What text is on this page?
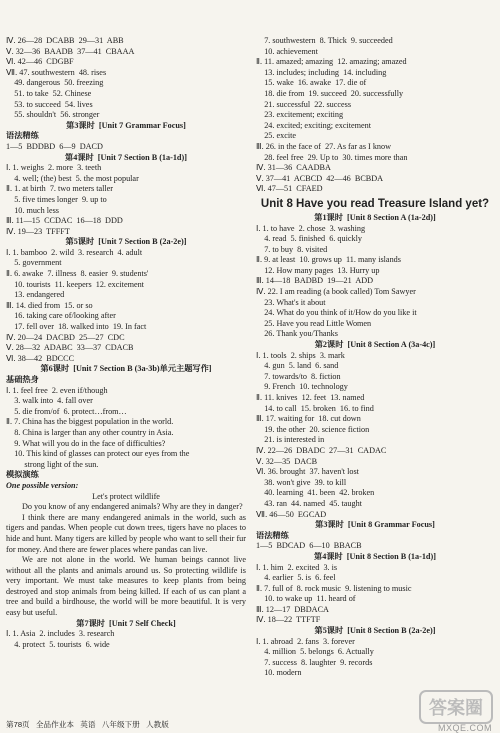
Ⅳ. 26—28  DCABB  29—31  ABB
Ⅴ. 32—36  BAADB  37—41  CBAAA
Ⅵ. 42—46  CDGBF
Ⅶ. 47. southwestern  48. rises
49. dangerous  50. freezing
51. to take  52. Chinese
53. to succeed  54. lives
55. shouldn't  56. stronger
第3课时  [Unit 7 Grammar Focus]
语法精练
1—5  BDDBD  6—9  DACD
第4课时  [Unit 7 Section B (1a-1d)]
Ⅰ. 1. weighs  2. more  3. teeth
4. well; (the) best  5. the most popular
Ⅱ. 1. at birth  7. two meters taller
5. five times longer  9. up to
10. much less
Ⅲ. 11—15  CCDAC  16—18  DDD
Ⅳ. 19—23  TFFFT
第5课时  [Unit 7 Section B (2a-2e)]
Ⅰ. 1. bamboo  2. wild  3. research  4. adult
5. government
Ⅱ. 6. awake  7. illness  8. easier  9. students'
10. tourists  11. keepers  12. excitement
13. endangered
Ⅲ. 14. died from  15. or so
16. taking care of/looking after
17. fell over  18. walked into  19. In fact
Ⅳ. 20—24  DACBD  25—27  CDC
Ⅴ. 28—32  ADABC  33—37  CDACB
Ⅵ. 38—42  BDCCC
第6课时  [Unit 7 Section B (3a-3b)单元主题写作]
基础热身
Ⅰ. 1. feel free  2. even if/though
3. walk into  4. fall over
5. die from/of  6. protect…from…
Ⅱ. 7. China has the biggest population in the world.
8. China is larger than any other country in Asia.
9. What will you do in the face of difficulties?
10. This kind of glasses can protect our eyes from the
strong light of the sun.
模拟演练
One possible version:
Let's protect wildlife
Do you know of any endangered animals? Why are they in danger?
I think there are many endangered animals in the world, such as tigers and pandas. When people cut down trees, tigers have no places to hide and hunt. Many tigers are killed by people who want to sell their fur for money. And there are fewer places where pandas can live.
We are not alone in the world. We human beings cannot live without all the plants and animals around us. So protecting wildlife is very important. We must take measures to keep plants from being destroyed and stop animals from being killed. If each of us can plant a tree and build a birdhouse, the world will be more beautiful. It is very easy but useful.
第7课时  [Unit 7 Self Check]
Ⅰ. 1. Asia  2. includes  3. research
4. protect  5. tourists  6. wide
7. southwestern  8. Thick  9. succeeded
10. achievement
Ⅱ. 11. amazed; amazing  12. amazing; amazed
13. includes; including  14. including
15. wake  16. awake  17. die of
18. die from  19. succeed  20. successfully
21. successful  22. success
23. excitement; exciting
24. excited; exciting; excitement
25. excite
Ⅲ. 26. in the face of  27. As far as I know
28. feel free  29. Up to  30. times more than
Ⅳ. 31—36  CAADBA
Ⅴ. 37—41  ACBCD  42—46  BCBDA
Ⅵ. 47—51  CFAED
Unit 8 Have you read Treasure Island yet?
第1课时  [Unit 8 Section A (1a-2d)]
Ⅰ. 1. to have  2. chose  3. washing
4. read  5. finished  6. quickly
7. to buy  8. visited
Ⅱ. 9. at least  10. grows up  11. many islands
12. How many pages  13. Hurry up
Ⅲ. 14—18  BADBD  19—21  ADD
Ⅳ. 22. I am reading (a book called) Tom Sawyer
23. What's it about
24. What do you think of it/How do you like it
25. Have you read Little Women
26. Thank you/Thanks
第2课时  [Unit 8 Section A (3a-4c)]
Ⅰ. 1. tools  2. ships  3. mark
4. gun  5. land  6. sand
7. towards/to  8. fiction
9. French  10. technology
Ⅱ. 11. knives  12. feet  13. named
14. to call  15. broken  16. to find
Ⅲ. 17. waiting for  18. cut down
19. the other  20. science fiction
21. is interested in
Ⅳ. 22—26  DBADC  27—31  CADAC
Ⅴ. 32—35  DACB
Ⅵ. 36. brought  37. haven't lost
38. won't give  39. to kill
40. learning  41. been  42. broken
43. ran  44. named  45. taught
Ⅶ. 46—50  EGCAD
第3课时  [Unit 8 Grammar Focus]
语法精练
1—5  BDCAD  6—10  BBACB
第4课时  [Unit 8 Section B (1a-1d)]
Ⅰ. 1. him  2. excited  3. is
4. earlier  5. is  6. feel
Ⅱ. 7. full of  8. rock music  9. listening to music
10. to wake up  11. heard of
Ⅲ. 12—17  DBDACA
Ⅳ. 18—22  TTFTF
第5课时  [Unit 8 Section B (2a-2e)]
Ⅰ. 1. abroad  2. fans  3. forever
4. million  5. belongs  6. Actually
7. success  8. laughter  9. records
10. modern
第78页   全品作业本   英语   八年级下册   人教版
答案圈
MXQE.COM
